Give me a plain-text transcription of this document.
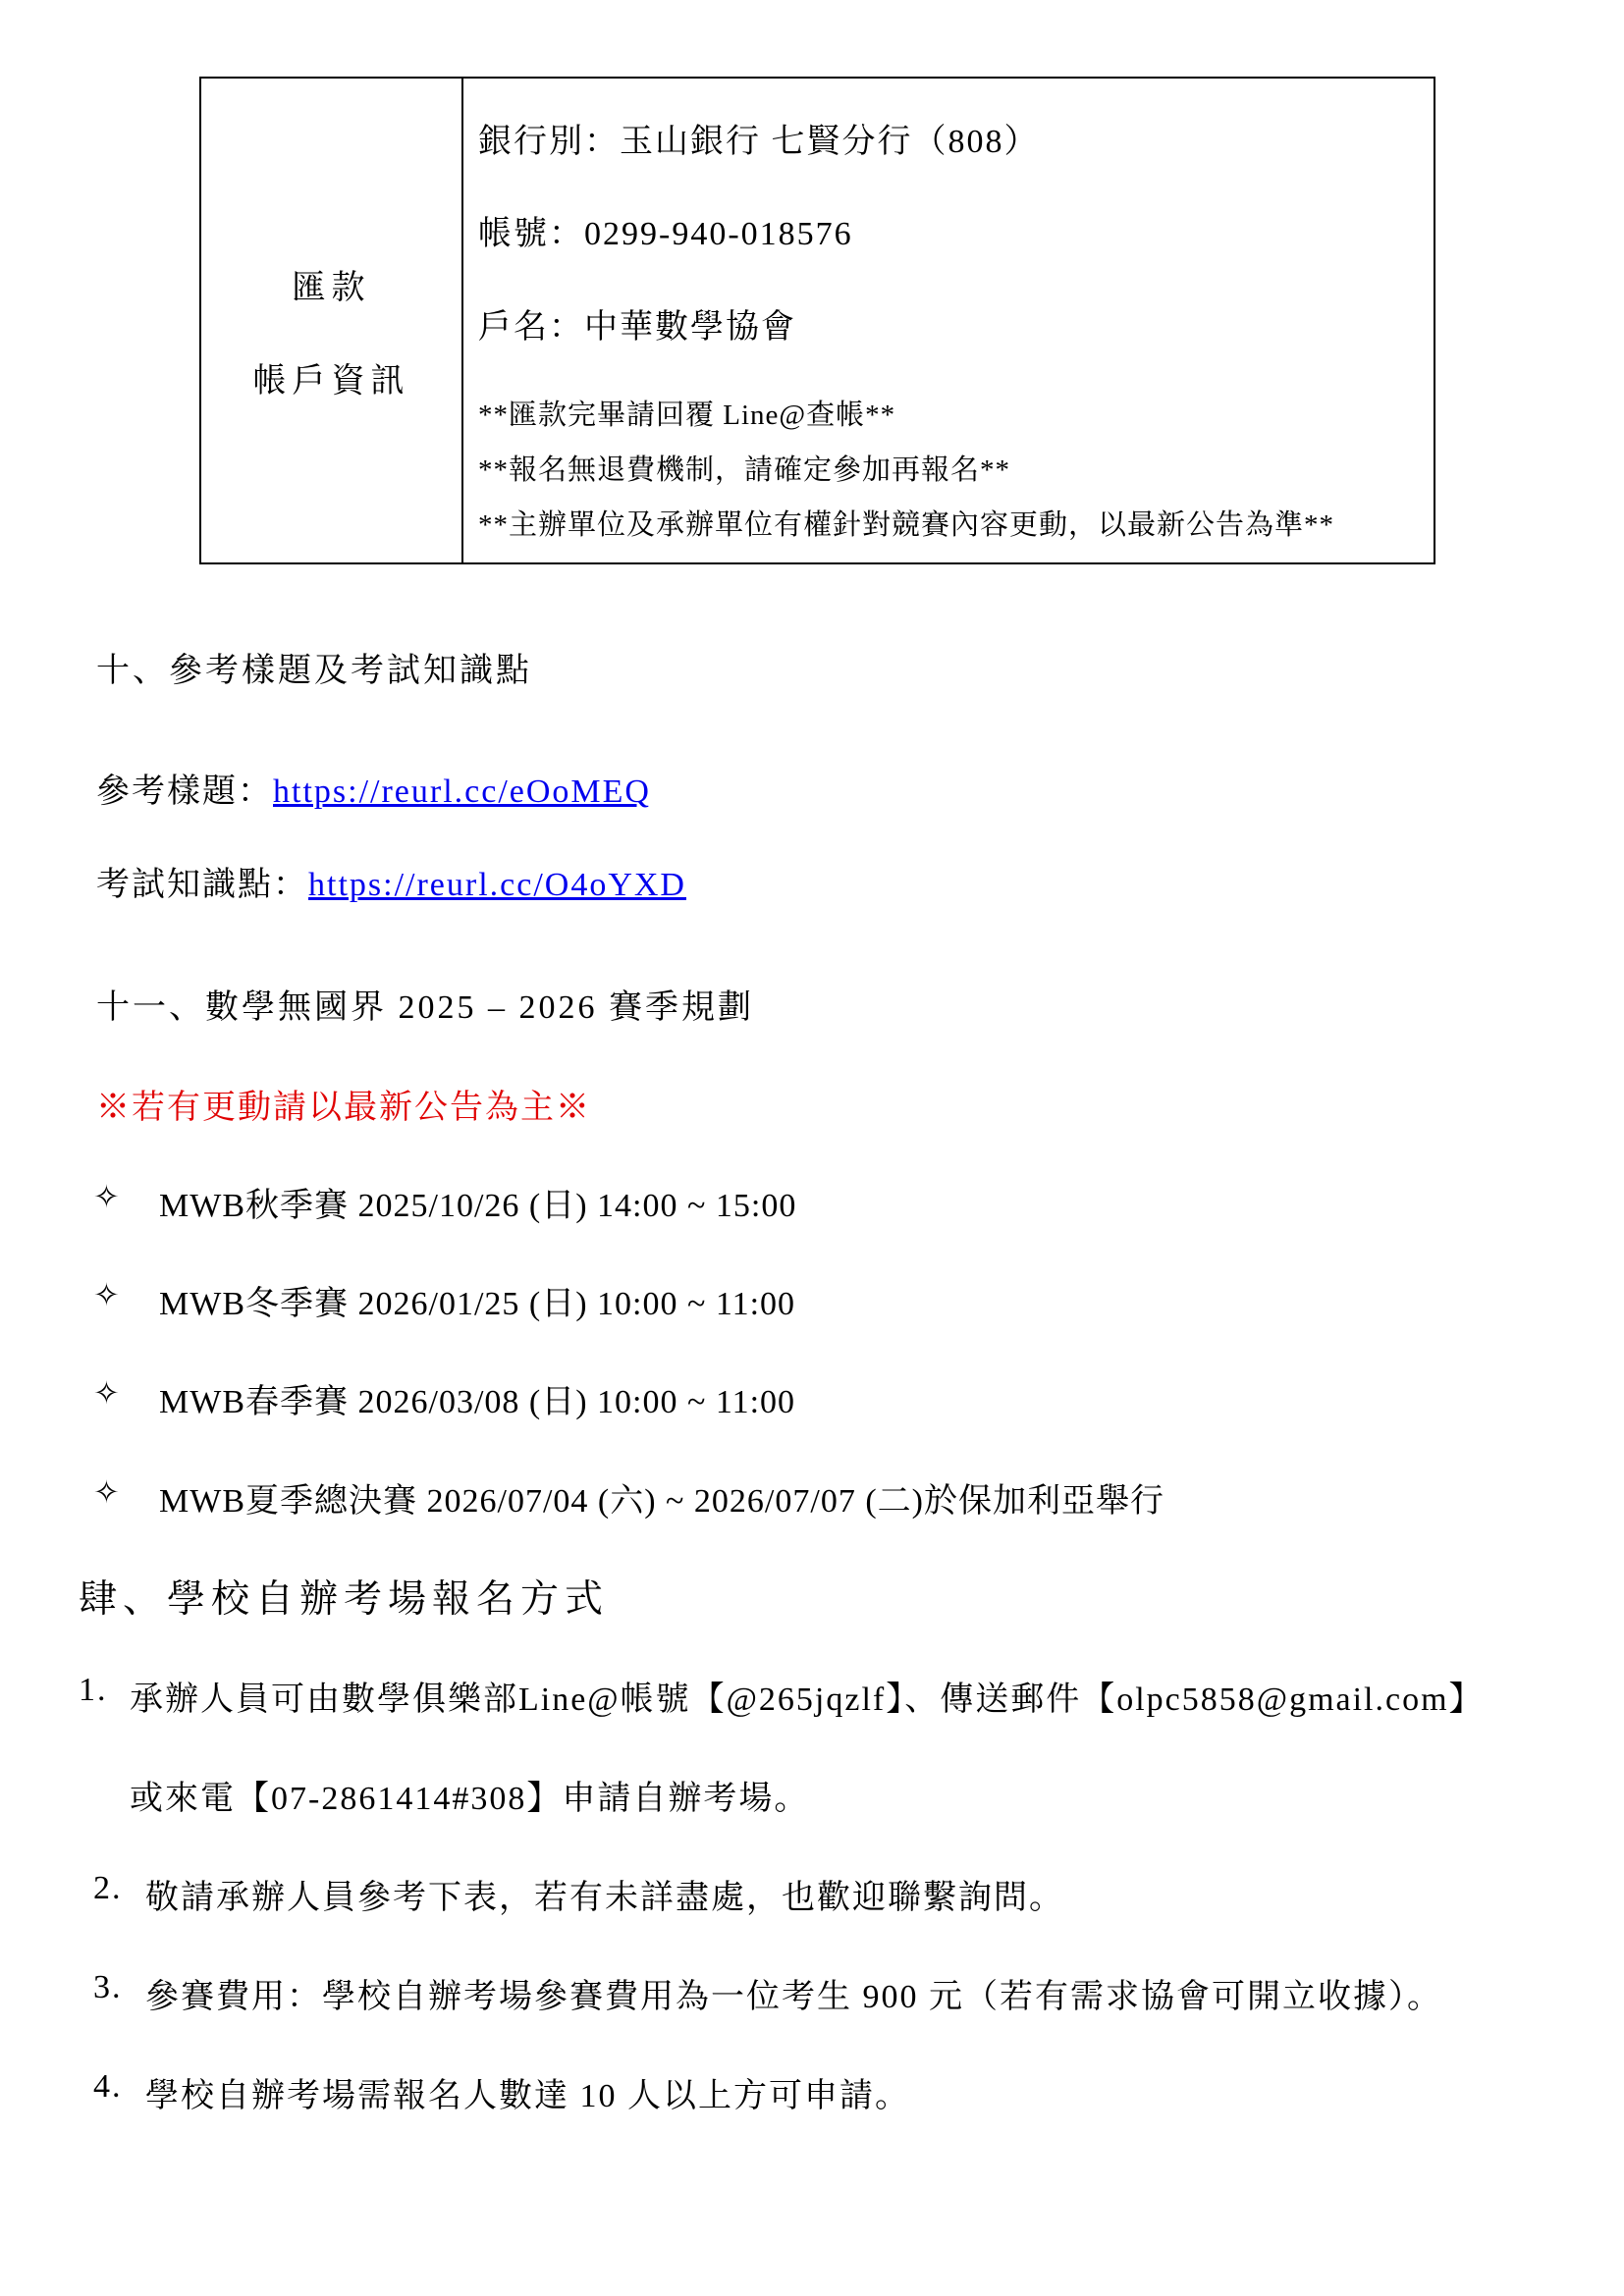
匯款
帳戶資訊
銀行別：玉山銀行 七賢分行（808）
帳號：0299-940-018576
戶名：中華數學協會
**匯款完畢請回覆 Line@查帳**
**報名無退費機制，請確定參加再報名**
**主辦單位及承辦單位有權針對競賽內容更動，以最新公告為準**
十、參考樣題及考試知識點
參考樣題：https://reurl.cc/eOoMEQ
考試知識點：https://reurl.cc/O4oYXD
十一、數學無國界 2025 – 2026 賽季規劃
※若有更動請以最新公告為主※
✧ MWB秋季賽 2025/10/26 (日) 14:00 ~ 15:00
✧ MWB冬季賽 2026/01/25 (日) 10:00 ~ 11:00
✧ MWB春季賽 2026/03/08 (日) 10:00 ~ 11:00
✧ MWB夏季總決賽 2026/07/04 (六) ~ 2026/07/07 (二)於保加利亞舉行
肆、學校自辦考場報名方式
1. 承辦人員可由數學俱樂部Line@帳號【@265jqzlf】、傳送郵件【olpc5858@gmail.com】
或來電【07-2861414#308】申請自辦考場。
2. 敬請承辦人員參考下表，若有未詳盡處，也歡迎聯繫詢問。
3. 參賽費用：學校自辦考場參賽費用為一位考生 900 元（若有需求協會可開立收據）。
4. 學校自辦考場需報名人數達 10 人以上方可申請。
